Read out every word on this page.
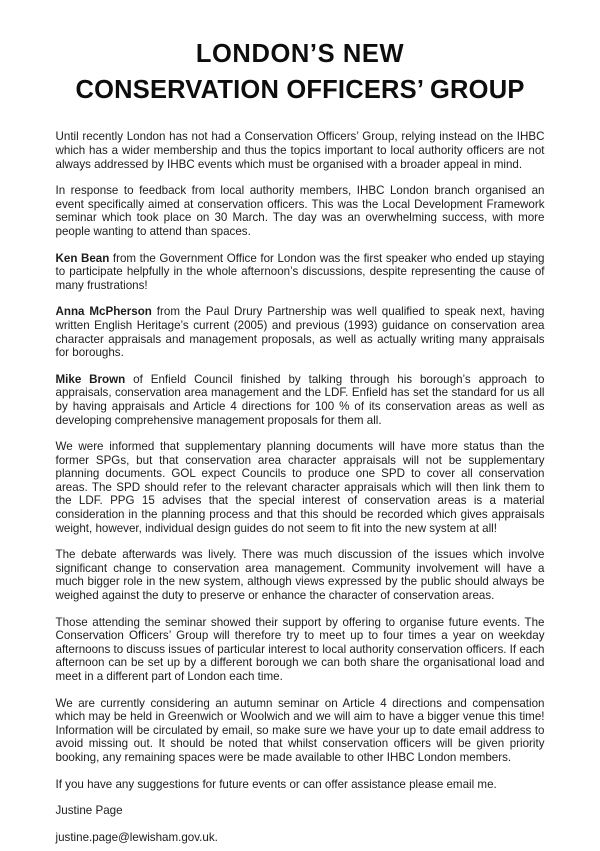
LONDON’S NEW
CONSERVATION OFFICERS’ GROUP

Until recently London has not had a Conservation Officers’ Group, relying instead on the IHBC which has a wider membership and thus the topics important to local authority officers are not always addressed by IHBC events which must be organised with a broader appeal in mind.

In response to feedback from local authority members, IHBC London branch organised an event specifically aimed at conservation officers. This was the Local Development Framework seminar which took place on 30 March. The day was an overwhelming success, with more people wanting to attend than spaces.

Ken Bean from the Government Office for London was the first speaker who ended up staying to participate helpfully in the whole afternoon’s discussions, despite representing the cause of many frustrations!

Anna McPherson from the Paul Drury Partnership was well qualified to speak next, having written English Heritage’s current (2005) and previous (1993) guidance on conservation area character appraisals and management proposals, as well as actually writing many appraisals for boroughs.

Mike Brown of Enfield Council finished by talking through his borough’s approach to appraisals, conservation area management and the LDF. Enfield has set the standard for us all by having appraisals and Article 4 directions for 100 % of its conservation areas as well as developing comprehensive management proposals for them all.

We were informed that supplementary planning documents will have more status than the former SPGs, but that conservation area character appraisals will not be supplementary planning documents. GOL expect Councils to produce one SPD to cover all conservation areas. The SPD should refer to the relevant character appraisals which will then link them to the LDF. PPG 15 advises that the special interest of conservation areas is a material consideration in the planning process and that this should be recorded which gives appraisals weight, however, individual design guides do not seem to fit into the new system at all!

The debate afterwards was lively. There was much discussion of the issues which involve significant change to conservation area management. Community involvement will have a much bigger role in the new system, although views expressed by the public should always be weighed against the duty to preserve or enhance the character of conservation areas.

Those attending the seminar showed their support by offering to organise future events. The Conservation Officers’ Group will therefore try to meet up to four times a year on weekday afternoons to discuss issues of particular interest to local authority conservation officers. If each afternoon can be set up by a different borough we can both share the organisational load and meet in a different part of London each time.

We are currently considering an autumn seminar on Article 4 directions and compensation which may be held in Greenwich or Woolwich and we will aim to have a bigger venue this time! Information will be circulated by email, so make sure we have your up to date email address to avoid missing out. It should be noted that whilst conservation officers will be given priority booking, any remaining spaces were be made available to other IHBC London members.

If you have any suggestions for future events or can offer assistance please email me.

Justine Page

justine.page@lewisham.gov.uk.
